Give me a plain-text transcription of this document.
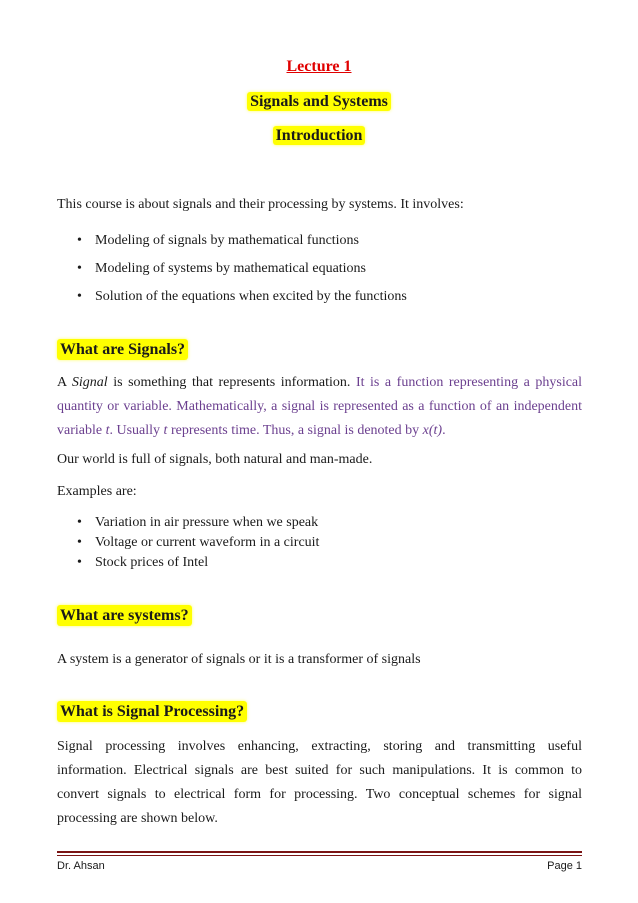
Lecture 1
Signals and Systems
Introduction
This course is about signals and their processing by systems. It involves:
• Modeling of signals by mathematical functions
• Modeling of systems by mathematical equations
• Solution of the equations when excited by the functions
What are Signals?
A Signal is something that represents information. It is a function representing a physical quantity or variable. Mathematically, a signal is represented as a function of an independent variable t. Usually t represents time. Thus, a signal is denoted by x(t).
Our world is full of signals, both natural and man-made.
Examples are:
• Variation in air pressure when we speak
• Voltage or current waveform in a circuit
• Stock prices of Intel
What are systems?
A system is a generator of signals or it is a transformer of signals
What is Signal Processing?
Signal processing involves enhancing, extracting, storing and transmitting useful information. Electrical signals are best suited for such manipulations. It is common to convert signals to electrical form for processing. Two conceptual schemes for signal processing are shown below.
Dr. Ahsan	Page 1
